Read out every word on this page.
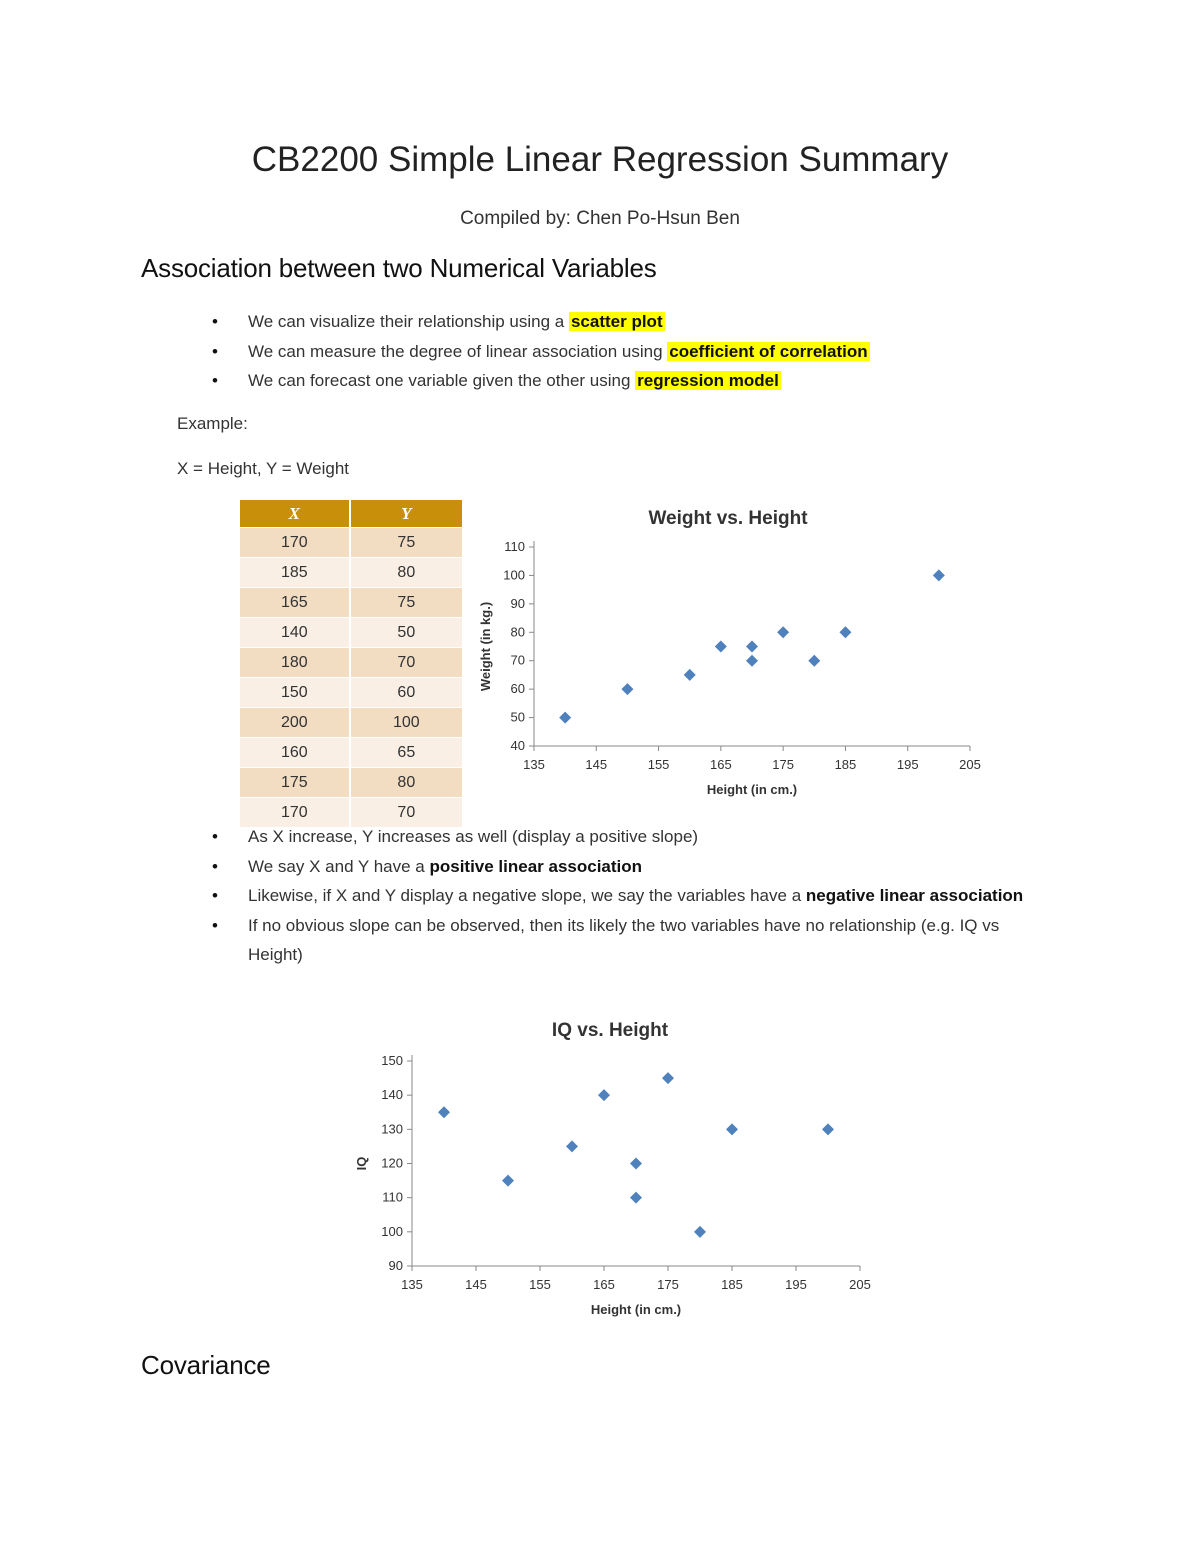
CB2200 Simple Linear Regression Summary
Compiled by: Chen Po-Hsun Ben
Association between two Numerical Variables
• We can visualize their relationship using a scatter plot
• We can measure the degree of linear association using coefficient of correlation
• We can forecast one variable given the other using regression model
Example:
X = Height, Y = Weight
X	Y
170	75
185	80
165	75
140	50
180	70
150	60
200	100
160	65
175	80
170	70
Weight vs. Height
40
50
60
70
80
90
100
110
135	145	155	165	175	185	195	205
Height (in cm.)
Weight (in kg.)
• As X increase, Y increases as well (display a positive slope)
• We say X and Y have a positive linear association
• Likewise, if X and Y display a negative slope, we say the variables have a negative linear association
• If no obvious slope can be observed, then its likely the two variables have no relationship (e.g. IQ vs Height)
IQ vs. Height
90
100
110
120
130
140
150
135	145	155	165	175	185	195	205
Height (in cm.)
IQ
Covariance
